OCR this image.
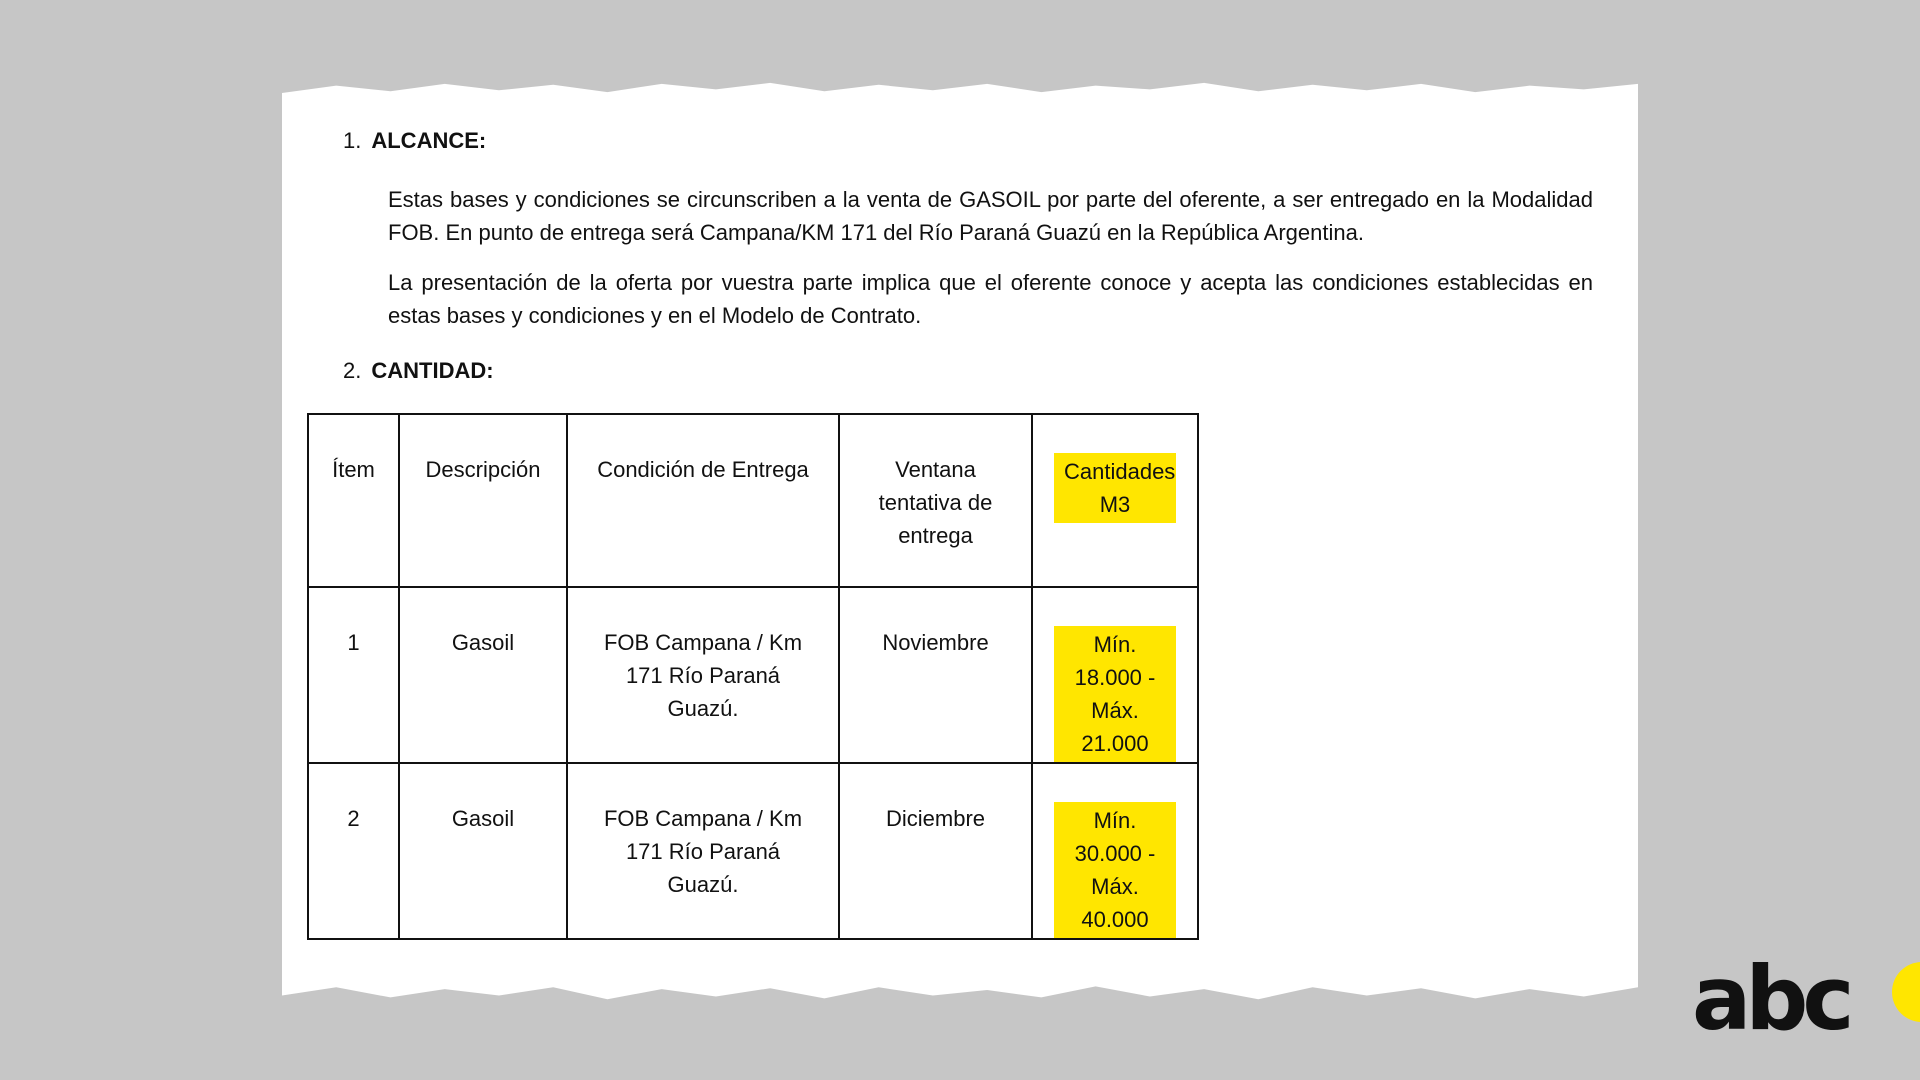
1. ALCANCE:

Estas bases y condiciones se circunscriben a la venta de GASOIL por parte del oferente, a ser entregado en la Modalidad FOB. En punto de entrega será Campana/KM 171 del Río Paraná Guazú en la República Argentina.

La presentación de la oferta por vuestra parte implica que el oferente conoce y acepta las condiciones establecidas en estas bases y condiciones y en el Modelo de Contrato.

2. CANTIDAD:
Ítem	Descripción	Condición de Entrega	Ventana tentativa de entrega	Cantidades M3
1	Gasoil	FOB Campana / Km 171 Río Paraná Guazú.	Noviembre	Mín. 18.000 - Máx. 21.000
2	Gasoil	FOB Campana / Km 171 Río Paraná Guazú.	Diciembre	Mín. 30.000 - Máx. 40.000
abc
